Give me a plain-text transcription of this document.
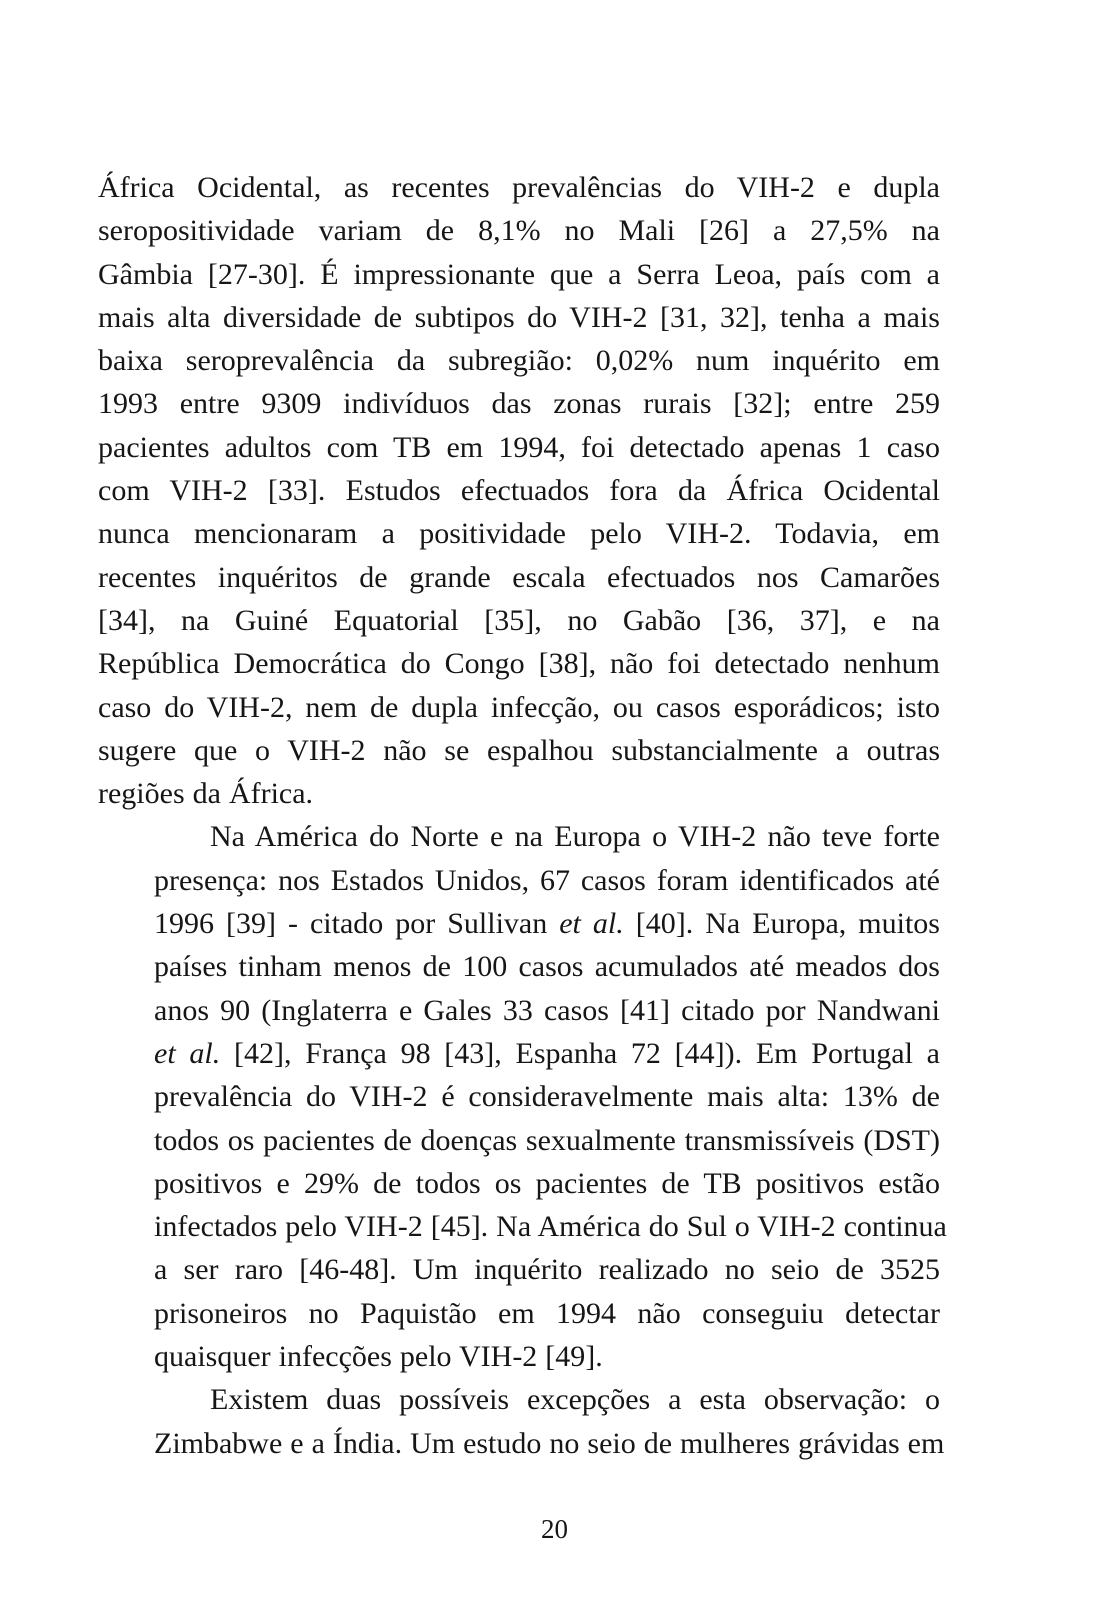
África Ocidental, as recentes prevalências do VIH-2 e dupla
seropositividade variam de 8,1% no Mali [26] a 27,5% na
Gâmbia [27-30]. É impressionante que a Serra Leoa, país com a
mais alta diversidade de subtipos do VIH-2 [31, 32], tenha a mais
baixa seroprevalência da subregião: 0,02% num inquérito em
1993 entre 9309 indivíduos das zonas rurais [32]; entre 259
pacientes adultos com TB em 1994, foi detectado apenas 1 caso
com VIH-2 [33]. Estudos efectuados fora da África Ocidental
nunca mencionaram a positividade pelo VIH-2. Todavia, em
recentes inquéritos de grande escala efectuados nos Camarões
[34], na Guiné Equatorial [35], no Gabão [36, 37], e na
República Democrática do Congo [38], não foi detectado nenhum
caso do VIH-2, nem de dupla infecção, ou casos esporádicos; isto
sugere que o VIH-2 não se espalhou substancialmente a outras
regiões da África.
Na América do Norte e na Europa o VIH-2 não teve forte
presença: nos Estados Unidos, 67 casos foram identificados até
1996 [39] - citado por Sullivan et al. [40]. Na Europa, muitos
países tinham menos de 100 casos acumulados até meados dos
anos 90 (Inglaterra e Gales 33 casos [41] citado por Nandwani
et al. [42], França 98 [43], Espanha 72 [44]). Em Portugal a
prevalência do VIH-2 é consideravelmente mais alta: 13% de
todos os pacientes de doenças sexualmente transmissíveis (DST)
positivos e 29% de todos os pacientes de TB positivos estão
infectados pelo VIH-2 [45]. Na América do Sul o VIH-2 continua
a ser raro [46-48]. Um inquérito realizado no seio de 3525
prisoneiros no Paquistão em 1994 não conseguiu detectar
quaisquer infecções pelo VIH-2 [49].
Existem duas possíveis excepções a esta observação: o
Zimbabwe e a Índia. Um estudo no seio de mulheres grávidas em
20
